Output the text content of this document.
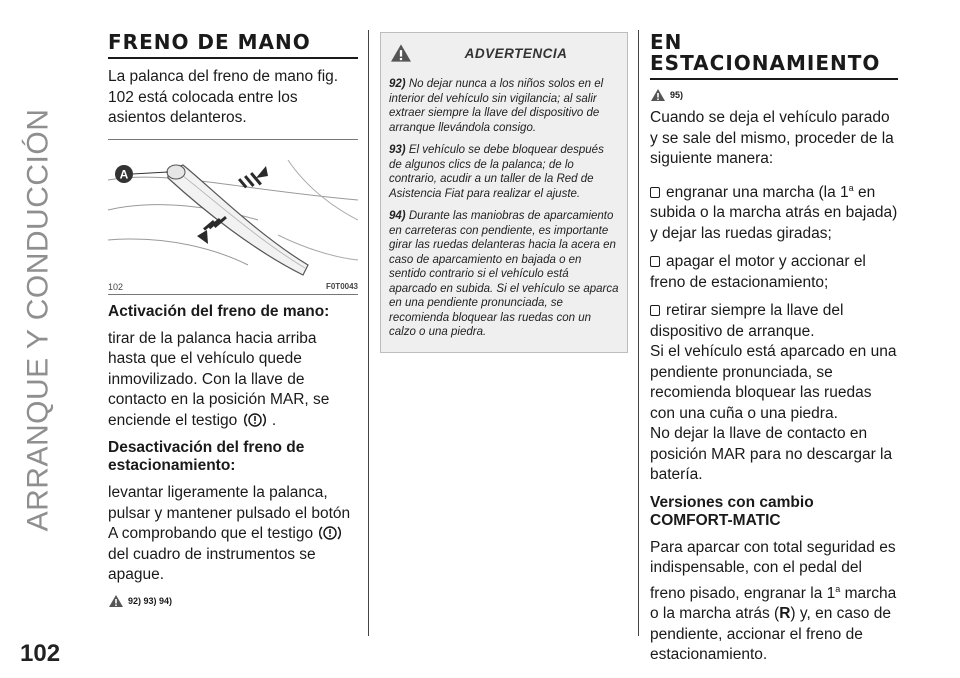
ARRANQUE Y CONDUCCIÓN
102
FRENO DE MANO

La palanca del freno de mano fig. 102 está colocada entre los asientos delanteros.

A
102	F0T0043
Activación del freno de mano:

tirar de la palanca hacia arriba hasta que el vehículo quede inmovilizado. Con la llave de contacto en la posición MAR, se enciende el testigo .

Desactivación del freno de estacionamiento:

levantar ligeramente la palanca, pulsar y mantener pulsado el botón A comprobando que el testigo  del cuadro de instrumentos se apague.

92) 93) 94)
ADVERTENCIA

92) No dejar nunca a los niños solos en el interior del vehículo sin vigilancia; al salir extraer siempre la llave del dispositivo de arranque llevándola consigo.

93) El vehículo se debe bloquear después de algunos clics de la palanca; de lo contrario, acudir a un taller de la Red de Asistencia Fiat para realizar el ajuste.

94) Durante las maniobras de aparcamiento en carreteras con pendiente, es importante girar las ruedas delanteras hacia la acera en caso de aparcamiento en bajada o en sentido contrario si el vehículo está aparcado en subida. Si el vehículo se aparca en una pendiente pronunciada, se recomienda bloquear las ruedas con un calzo o una piedra.

EN
ESTACIONAMIENTO
95)

Cuando se deja el vehículo parado y se sale del mismo, proceder de la siguiente manera:

engranar una marcha (la 1$^a$ en subida o la marcha atrás en bajada) y dejar las ruedas giradas;

apagar el motor y accionar el freno de estacionamiento;

retirar siempre la llave del dispositivo de arranque.

Si el vehículo está aparcado en una pendiente pronunciada, se recomienda bloquear las ruedas con una cuña o una piedra.

No dejar la llave de contacto en posición MAR para no descargar la batería.

Versiones con cambio COMFORT-MATIC

Para aparcar con total seguridad es indispensable, con el pedal del freno pisado, engranar la 1$^a$ marcha o la marcha atrás (R) y, en caso de pendiente, accionar el freno de estacionamiento.
